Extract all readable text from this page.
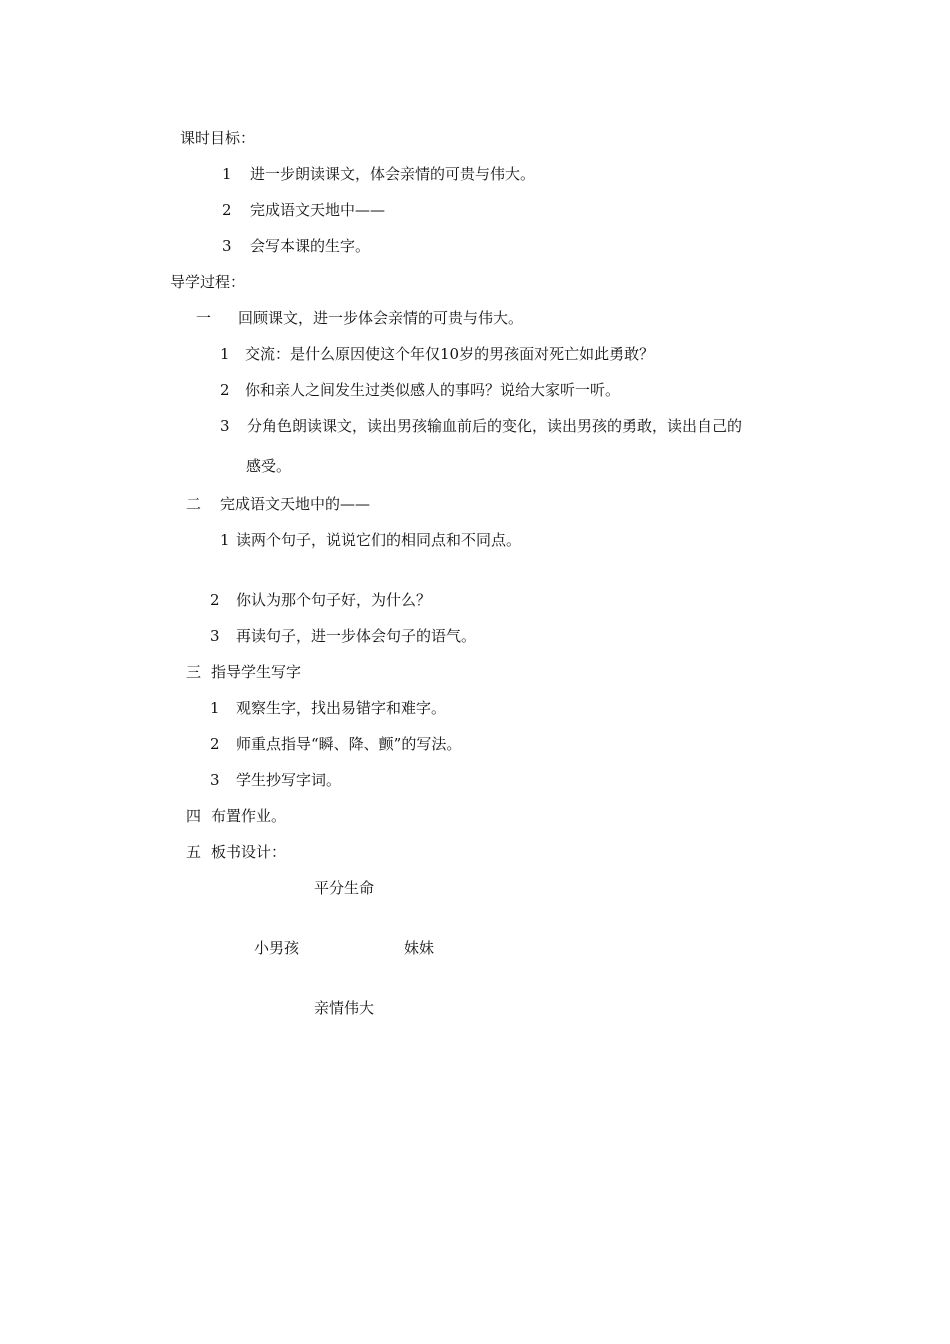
课时目标：
1 进一步朗读课文，体会亲情的可贵与伟大。
2 完成语文天地中——
3 会写本课的生字。
导学过程：
一 回顾课文，进一步体会亲情的可贵与伟大。
1 交流：是什么原因使这个年仅10岁的男孩面对死亡如此勇敢？
2 你和亲人之间发生过类似感人的事吗？说给大家听一听。
3 分角色朗读课文，读出男孩输血前后的变化，读出男孩的勇敢，读出自己的
感受。
二 完成语文天地中的——
1 读两个句子，说说它们的相同点和不同点。
2 你认为那个句子好，为什么？
3 再读句子，进一步体会句子的语气。
三 指导学生写字
1 观察生字，找出易错字和难字。
2 师重点指导“瞬、降、颤”的写法。
3 学生抄写字词。
四 布置作业。
五 板书设计：
平分生命
小男孩	妹妹
亲情伟大
